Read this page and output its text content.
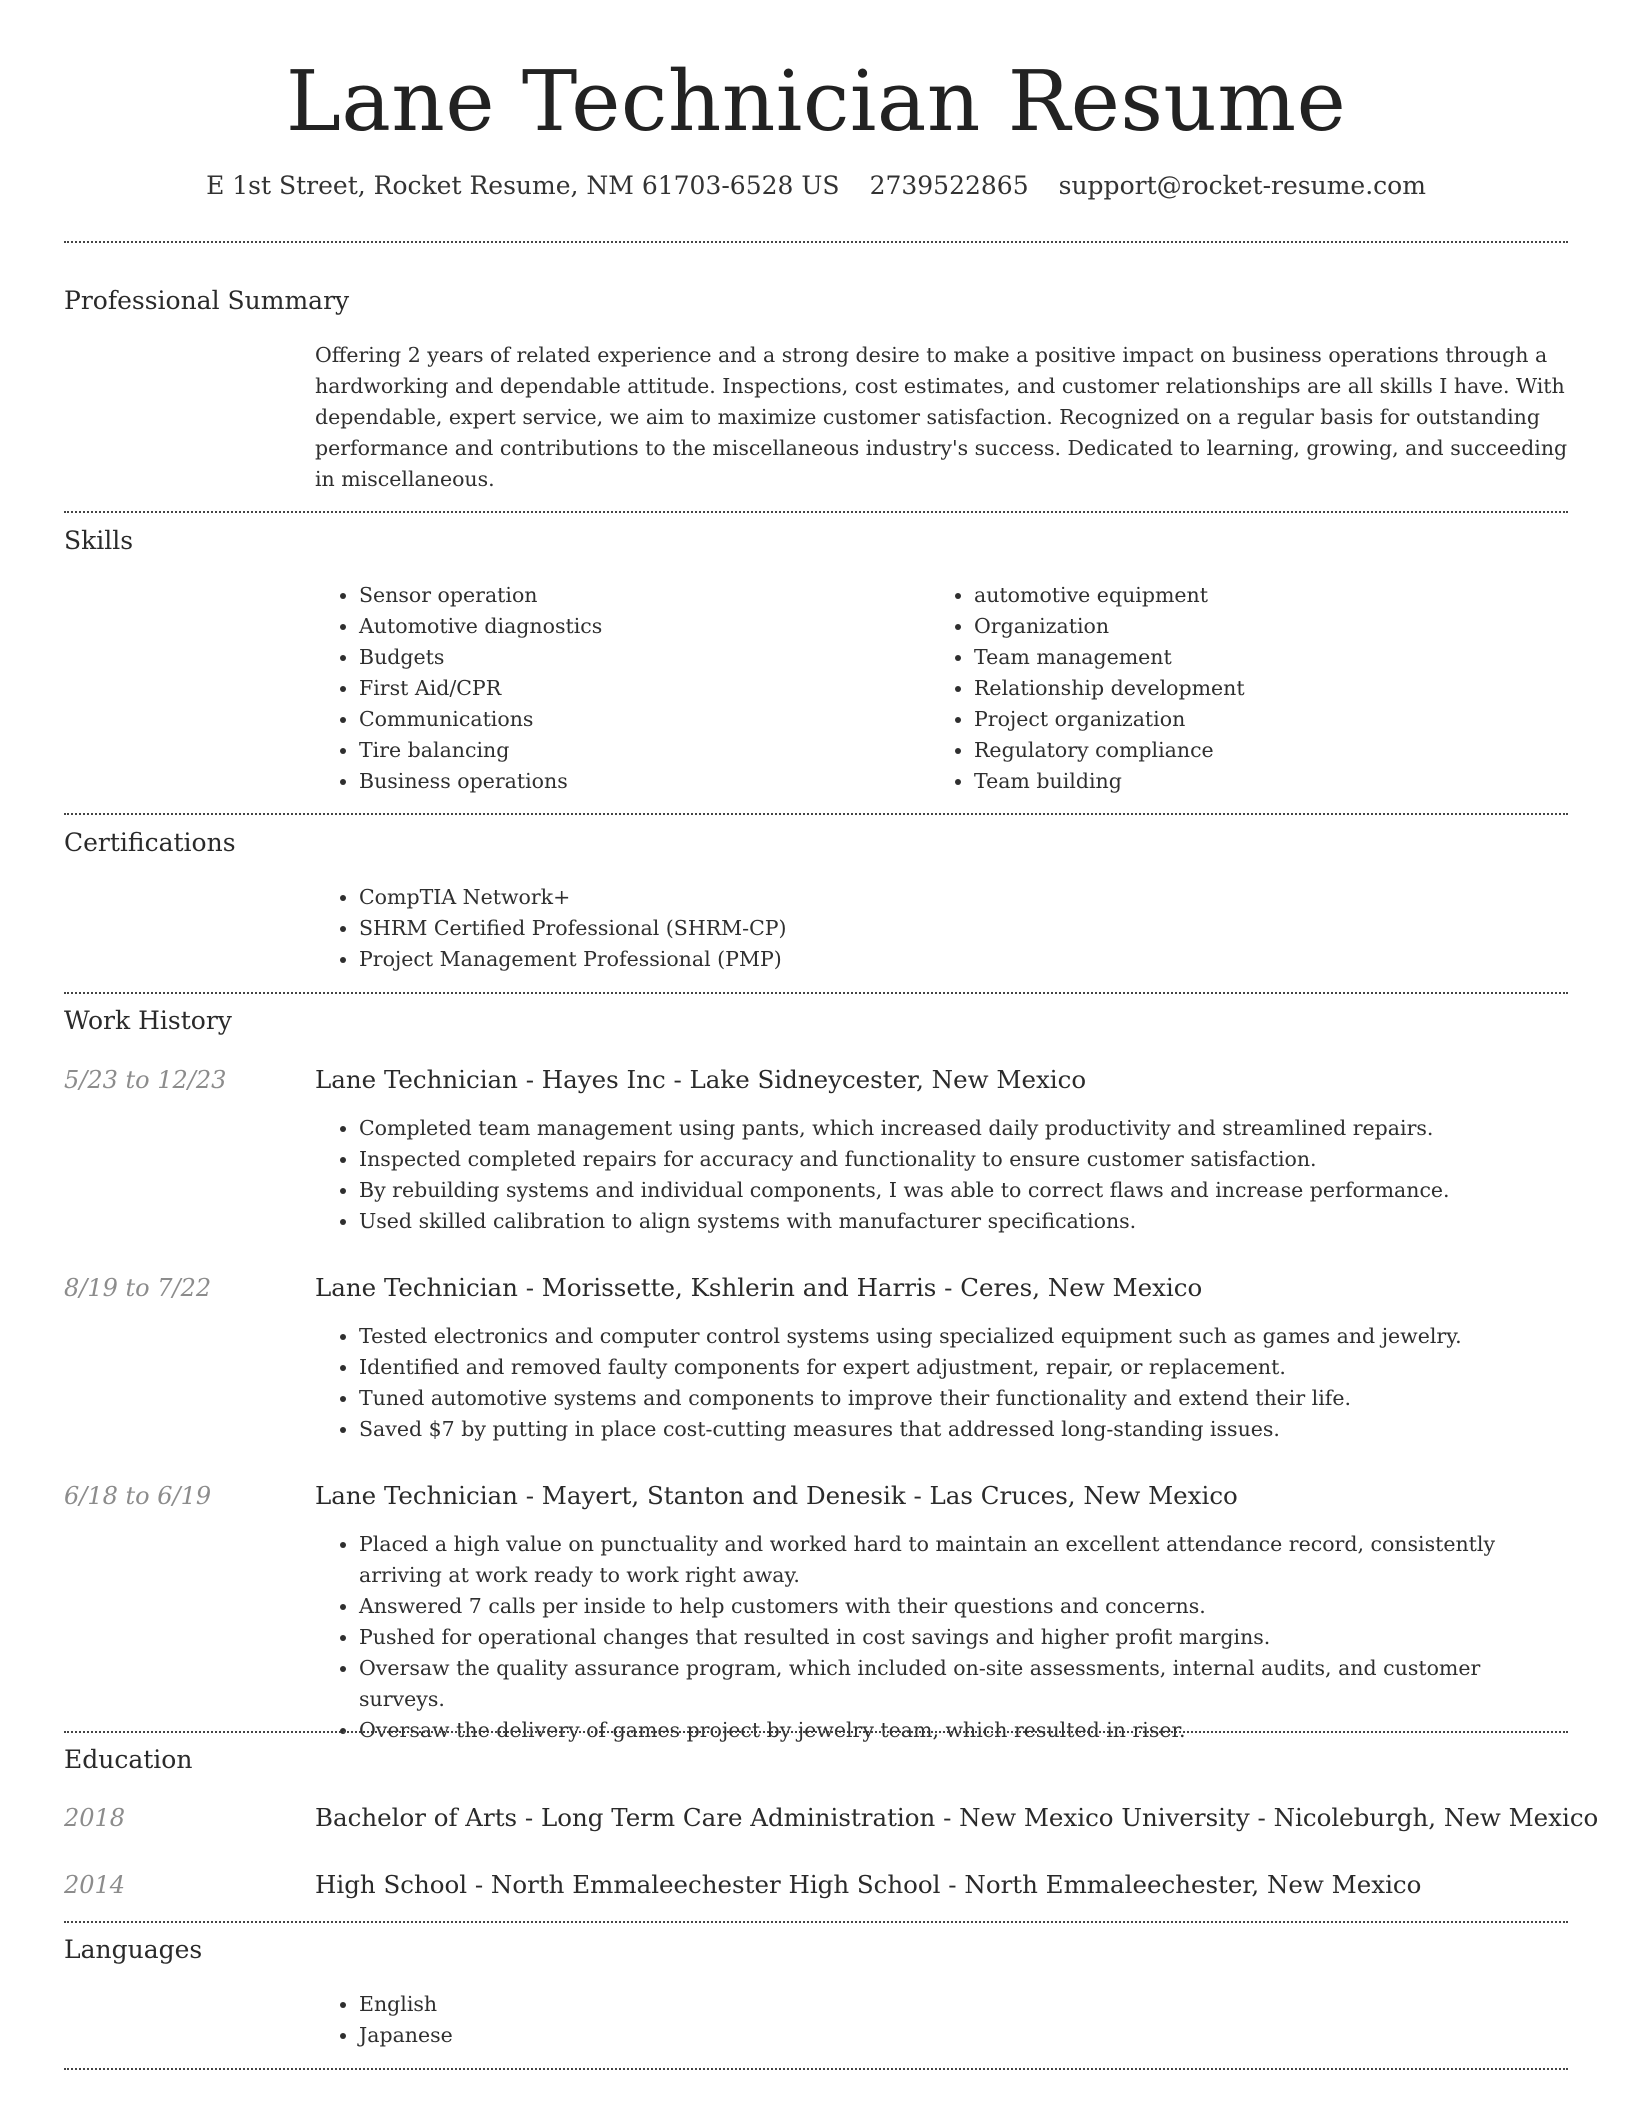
Lane Technician Resume
E 1st Street, Rocket Resume, NM 61703-6528 US 2739522865 support@rocket-resume.com
Professional Summary

Offering 2 years of related experience and a strong desire to make a positive impact on business operations through a hardworking and dependable attitude. Inspections, cost estimates, and customer relationships are all skills I have. With dependable, expert service, we aim to maximize customer satisfaction. Recognized on a regular basis for outstanding performance and contributions to the miscellaneous industry's success. Dedicated to learning, growing, and succeeding in miscellaneous.

Skills
• Sensor operation
• Automotive diagnostics
• Budgets
• First Aid/CPR
• Communications
• Tire balancing
• Business operations
• automotive equipment
• Organization
• Team management
• Relationship development
• Project organization
• Regulatory compliance
• Team building
Certifications
• CompTIA Network+
• SHRM Certified Professional (SHRM-CP)
• Project Management Professional (PMP)
Work History
5/23 to 12/23	Lane Technician - Hayes Inc - Lake Sidneycester, New Mexico
• Completed team management using pants, which increased daily productivity and streamlined repairs.
• Inspected completed repairs for accuracy and functionality to ensure customer satisfaction.
• By rebuilding systems and individual components, I was able to correct flaws and increase performance.
• Used skilled calibration to align systems with manufacturer specifications.
8/19 to 7/22	Lane Technician - Morissette, Kshlerin and Harris - Ceres, New Mexico
• Tested electronics and computer control systems using specialized equipment such as games and jewelry.
• Identified and removed faulty components for expert adjustment, repair, or replacement.
• Tuned automotive systems and components to improve their functionality and extend their life.
• Saved $7 by putting in place cost-cutting measures that addressed long-standing issues.
6/18 to 6/19	Lane Technician - Mayert, Stanton and Denesik - Las Cruces, New Mexico
• Placed a high value on punctuality and worked hard to maintain an excellent attendance record, consistently arriving at work ready to work right away.
• Answered 7 calls per inside to help customers with their questions and concerns.
• Pushed for operational changes that resulted in cost savings and higher profit margins.
• Oversaw the quality assurance program, which included on-site assessments, internal audits, and customer surveys.
• Oversaw the delivery of games project by jewelry team, which resulted in riser.
Education
2018	Bachelor of Arts - Long Term Care Administration - New Mexico University - Nicoleburgh, New Mexico
2014	High School - North Emmaleechester High School - North Emmaleechester, New Mexico
Languages
• English
• Japanese
